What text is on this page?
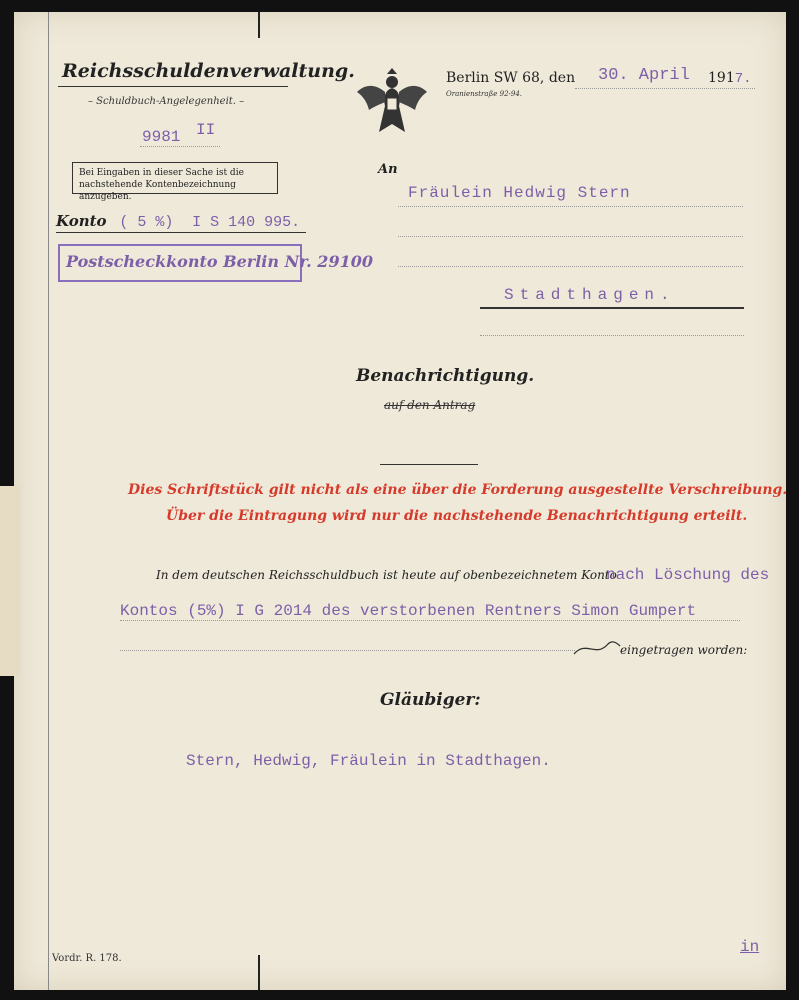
Reichsschuldenverwaltung.
– Schuldbuch-Angelegenheit. –
9981 II
Bei Eingaben in dieser Sache ist die nachstehende Kontenbezeichnung anzugeben.
Konto ( 5 %) I S 140 995.
Postscheckkonto Berlin Nr. 29100
Berlin SW 68, den
Oranienstraße 92-94.
30. April 1917.
An
Fräulein Hedwig Stern
Stadthagen.
Benachrichtigung.
auf den Antrag
Dies Schriftstück gilt nicht als eine über die Forderung ausgestellte Verschreibung.
Über die Eintragung wird nur die nachstehende Benachrichtigung erteilt.
In dem deutschen Reichsschuldbuch ist heute auf obenbezeichnetem Konto
nach Löschung des
Kontos (5%) I G 2014 des verstorbenen Rentners Simon Gumpert
eingetragen worden:
Gläubiger:
Stern, Hedwig, Fräulein in Stadthagen.
Vordr. R. 178.
in
